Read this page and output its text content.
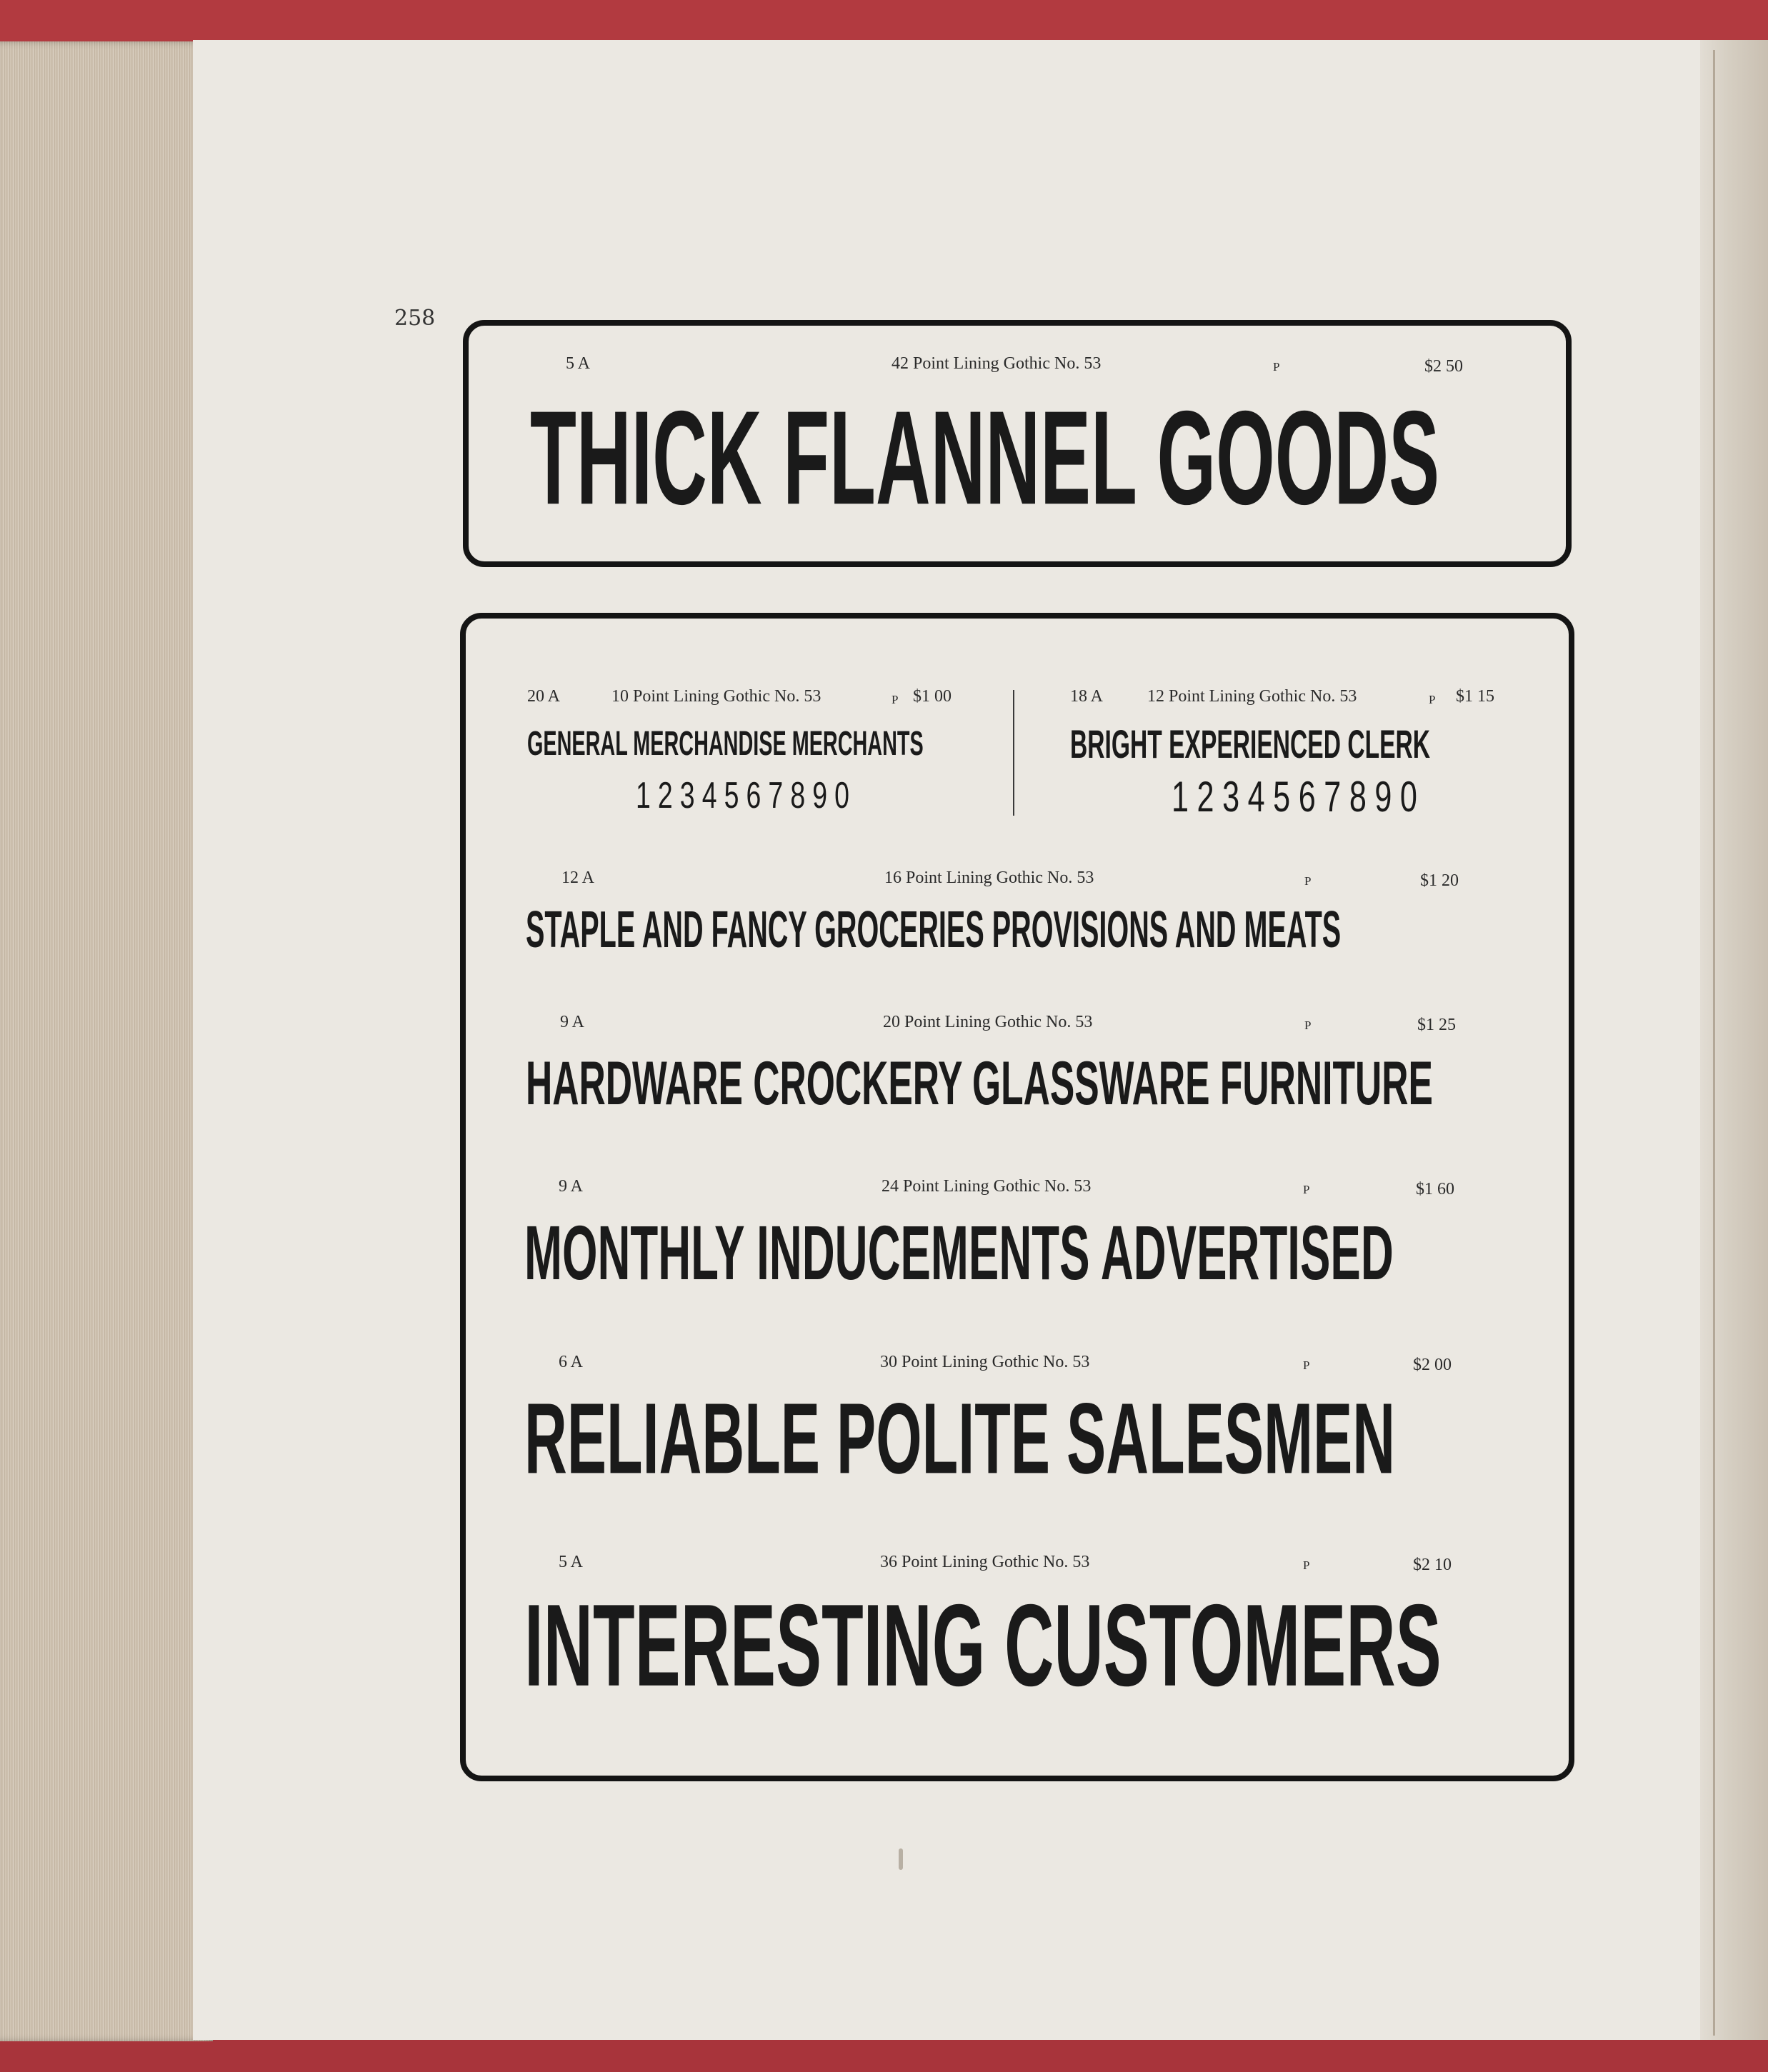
258
5 A	42 Point Lining Gothic No. 53	P	$2 50
THICK FLANNEL GOODS
20 A	10 Point Lining Gothic No. 53	P $1 00
GENERAL MERCHANDISE MERCHANTS
1234567890
18 A	12 Point Lining Gothic No. 53	P $1 15
BRIGHT EXPERIENCED CLERK
1234567890
12 A	16 Point Lining Gothic No. 53	P	$1 20
STAPLE AND FANCY GROCERIES PROVISIONS AND MEATS
9 A	20 Point Lining Gothic No. 53	P	$1 25
HARDWARE CROCKERY GLASSWARE FURNITURE
9 A	24 Point Lining Gothic No. 53	P	$1 60
MONTHLY INDUCEMENTS ADVERTISED
6 A	30 Point Lining Gothic No. 53	P	$2 00
RELIABLE POLITE SALESMEN
5 A	36 Point Lining Gothic No. 53	P	$2 10
INTERESTING CUSTOMERS
